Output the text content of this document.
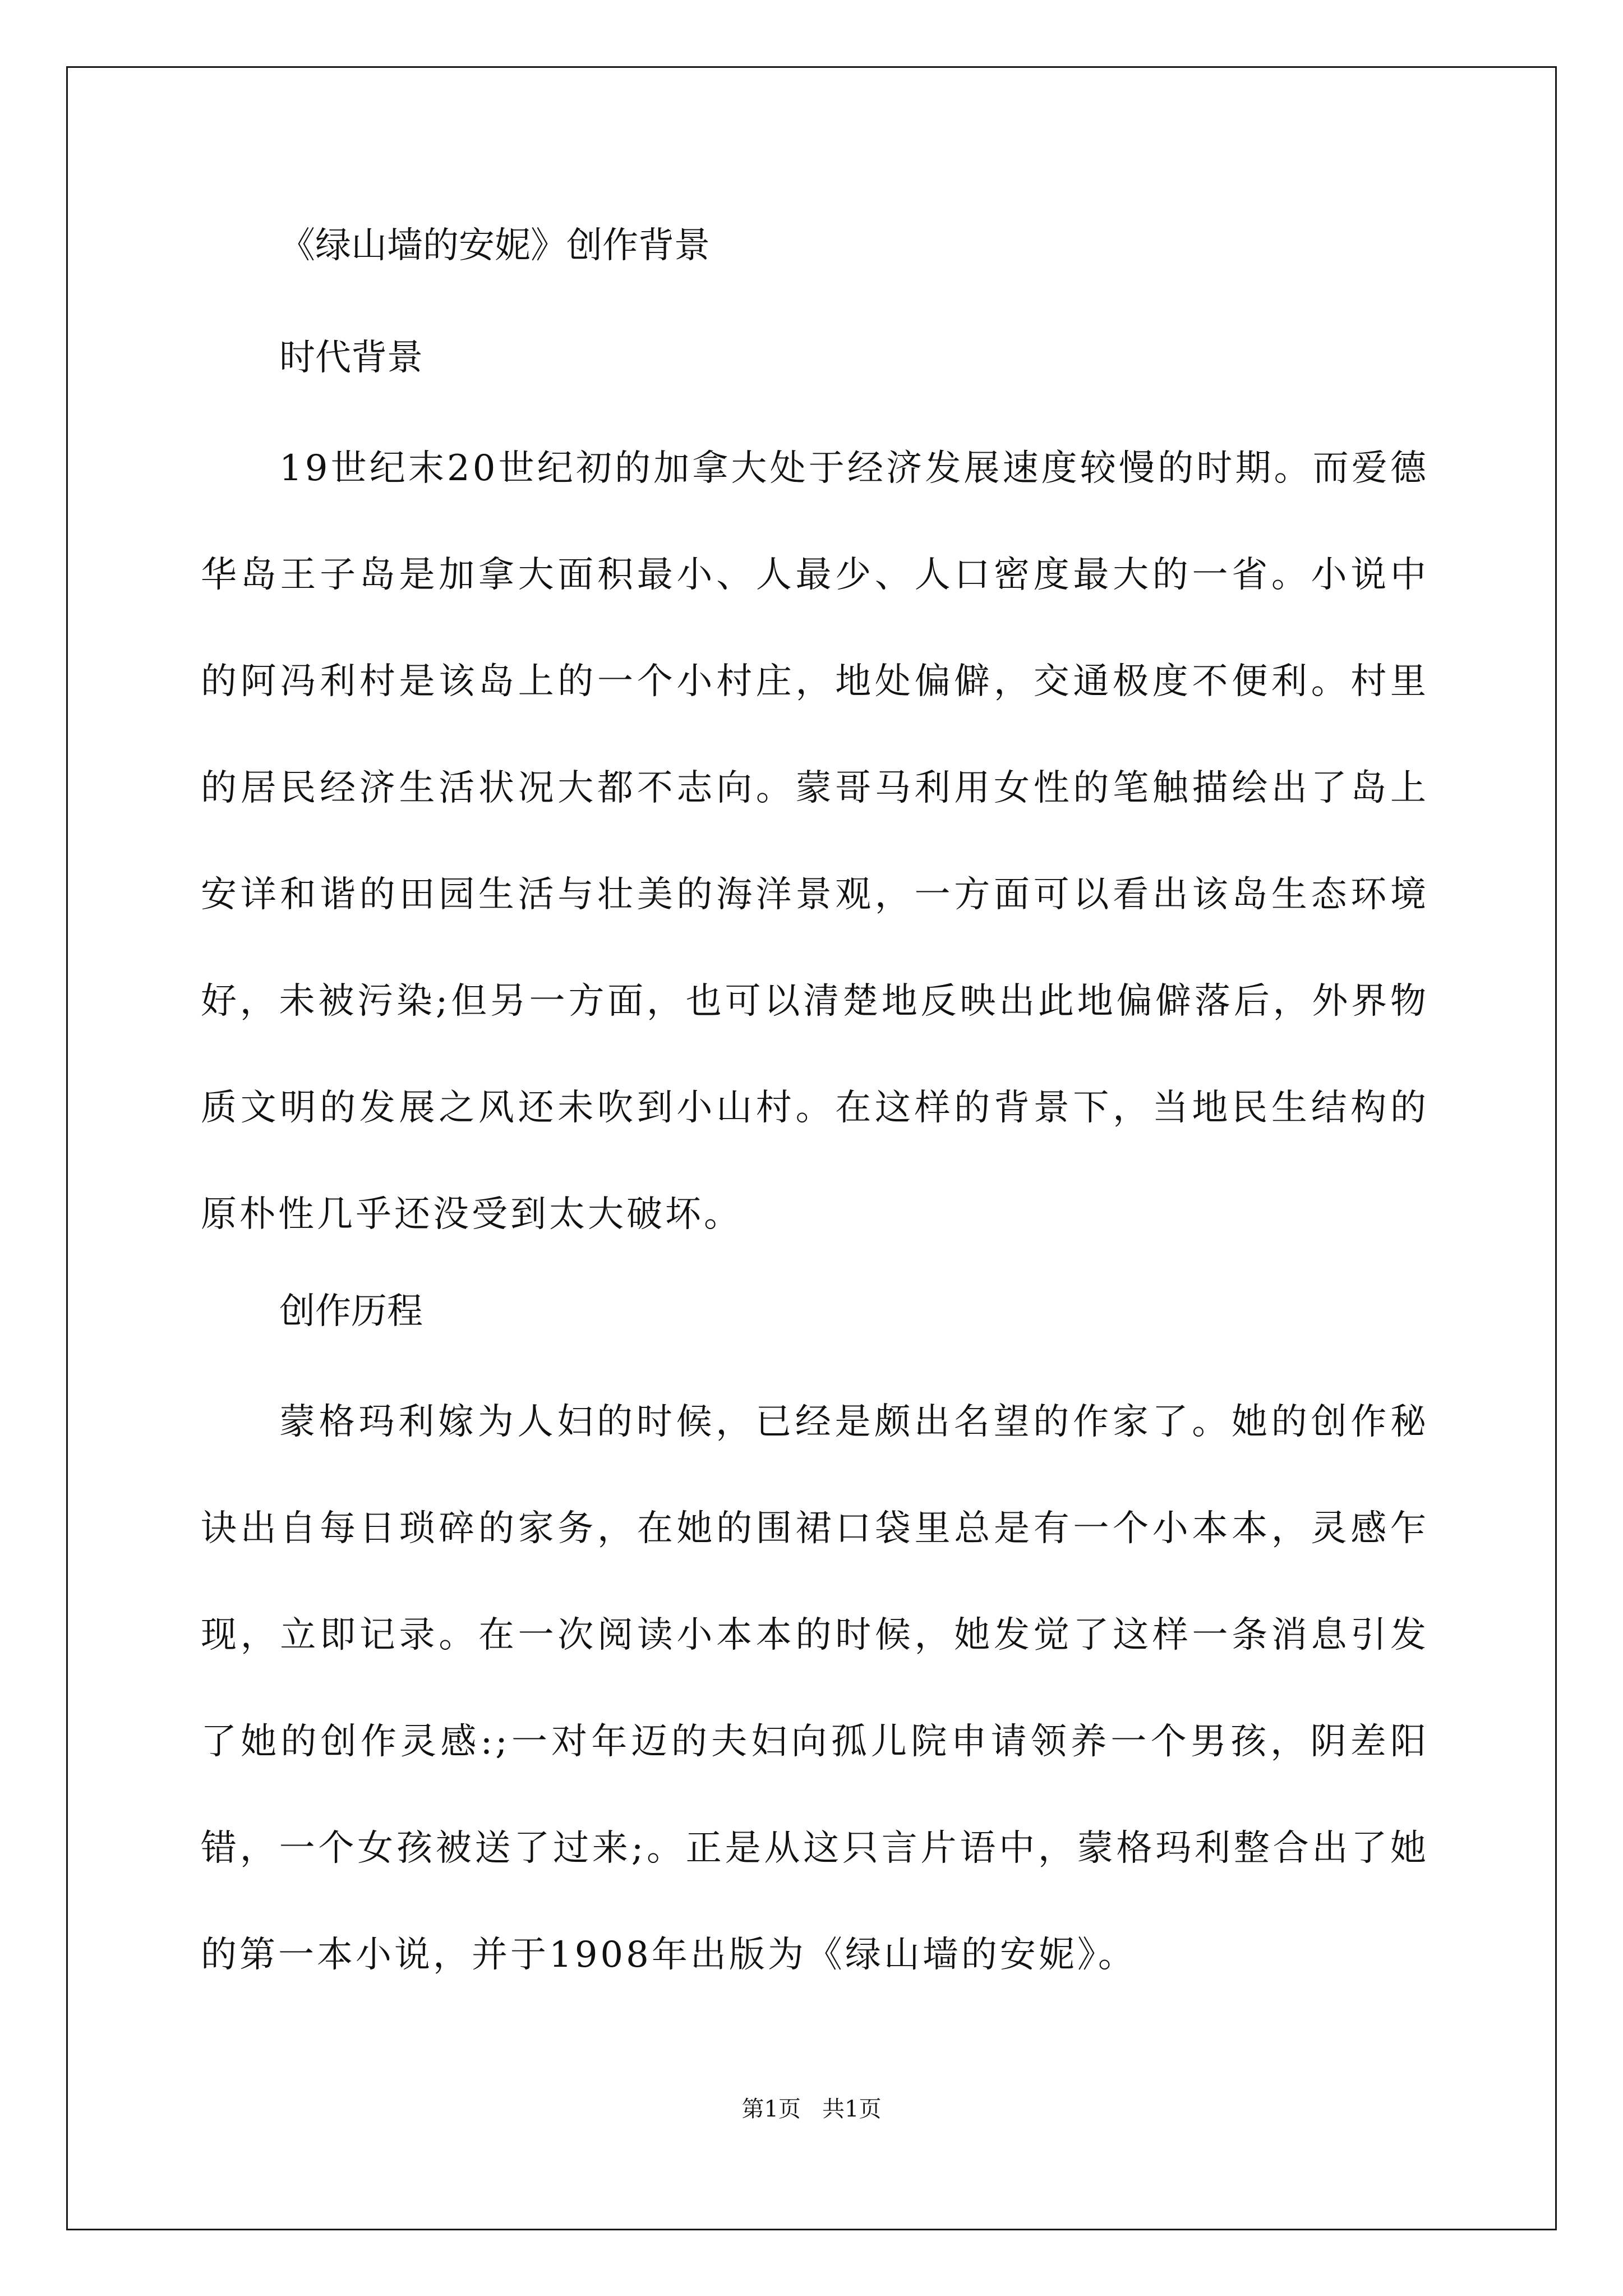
《绿山墙的安妮》创作背景
时代背景
19世纪末20世纪初的加拿大处于经济发展速度较慢的时期。而爱德华岛王子岛是加拿大面积最小、人最少、人口密度最大的一省。小说中的阿冯利村是该岛上的一个小村庄，地处偏僻，交通极度不便利。村里的居民经济生活状况大都不志向。蒙哥马利用女性的笔触描绘出了岛上安详和谐的田园生活与壮美的海洋景观，一方面可以看出该岛生态环境好，未被污染;但另一方面，也可以清楚地反映出此地偏僻落后，外界物质文明的发展之风还未吹到小山村。在这样的背景下，当地民生结构的原朴性几乎还没受到太大破坏。
创作历程
蒙格玛利嫁为人妇的时候，已经是颇出名望的作家了。她的创作秘诀出自每日琐碎的家务，在她的围裙口袋里总是有一个小本本，灵感乍现，立即记录。在一次阅读小本本的时候，她发觉了这样一条消息引发了她的创作灵感:;一对年迈的夫妇向孤儿院申请领养一个男孩，阴差阳错，一个女孩被送了过来;。正是从这只言片语中，蒙格玛利整合出了她的第一本小说，并于1908年出版为《绿山墙的安妮》。
第1页   共1页
